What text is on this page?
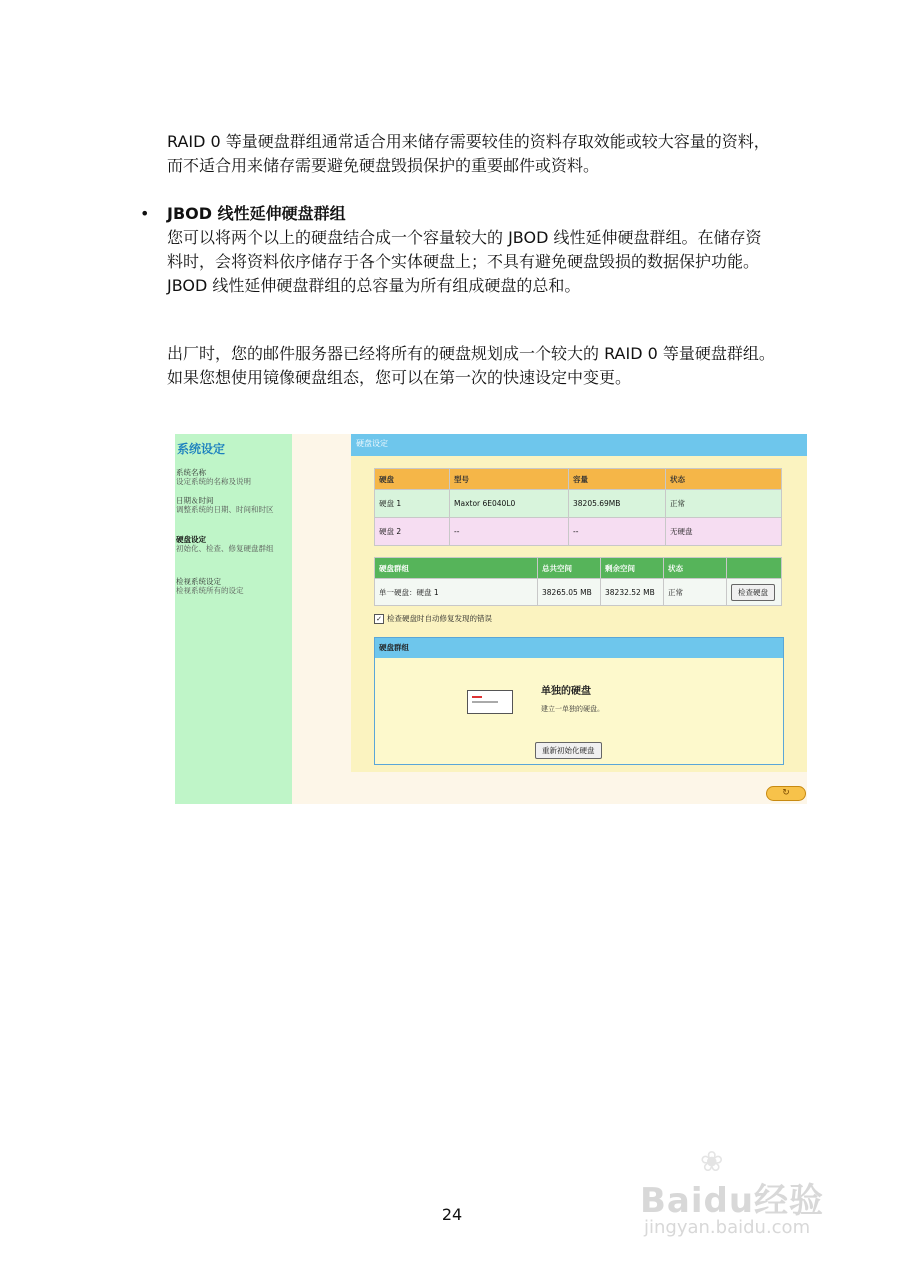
RAID 0 等量硬盘群组通常适合用来储存需要较佳的资料存取效能或较大容量的资料，而不适合用来储存需要避免硬盘毁损保护的重要邮件或资料。
• JBOD 线性延伸硬盘群组
您可以将两个以上的硬盘结合成一个容量较大的 JBOD 线性延伸硬盘群组。在储存资料时，会将资料依序储存于各个实体硬盘上；不具有避免硬盘毁损的数据保护功能。JBOD 线性延伸硬盘群组的总容量为所有组成硬盘的总和。
出厂时，您的邮件服务器已经将所有的硬盘规划成一个较大的 RAID 0 等量硬盘群组。如果您想使用镜像硬盘组态，您可以在第一次的快速设定中变更。
系统设定
系统名称
设定系统的名称及说明
日期＆时间
调整系统的日期、时间和时区
硬盘设定
初始化、检查、修复硬盘群组
检视系统设定
检视系统所有的设定
硬盘设定
硬盘	型号	容量	状态
硬盘 1	Maxtor 6E040L0	38205.69MB	正常
硬盘 2	--	--	无硬盘
硬盘群组	总共空间	剩余空间	状态	
单一硬盘：硬盘 1	38265.05 MB	38232.52 MB	正常	检查硬盘
✓ 检查硬盘时自动修复发现的错误
硬盘群组
单独的硬盘
建立一单独的硬盘。
重新初始化硬盘
↻
24
❀
Baidu经验
jingyan.baidu.com
